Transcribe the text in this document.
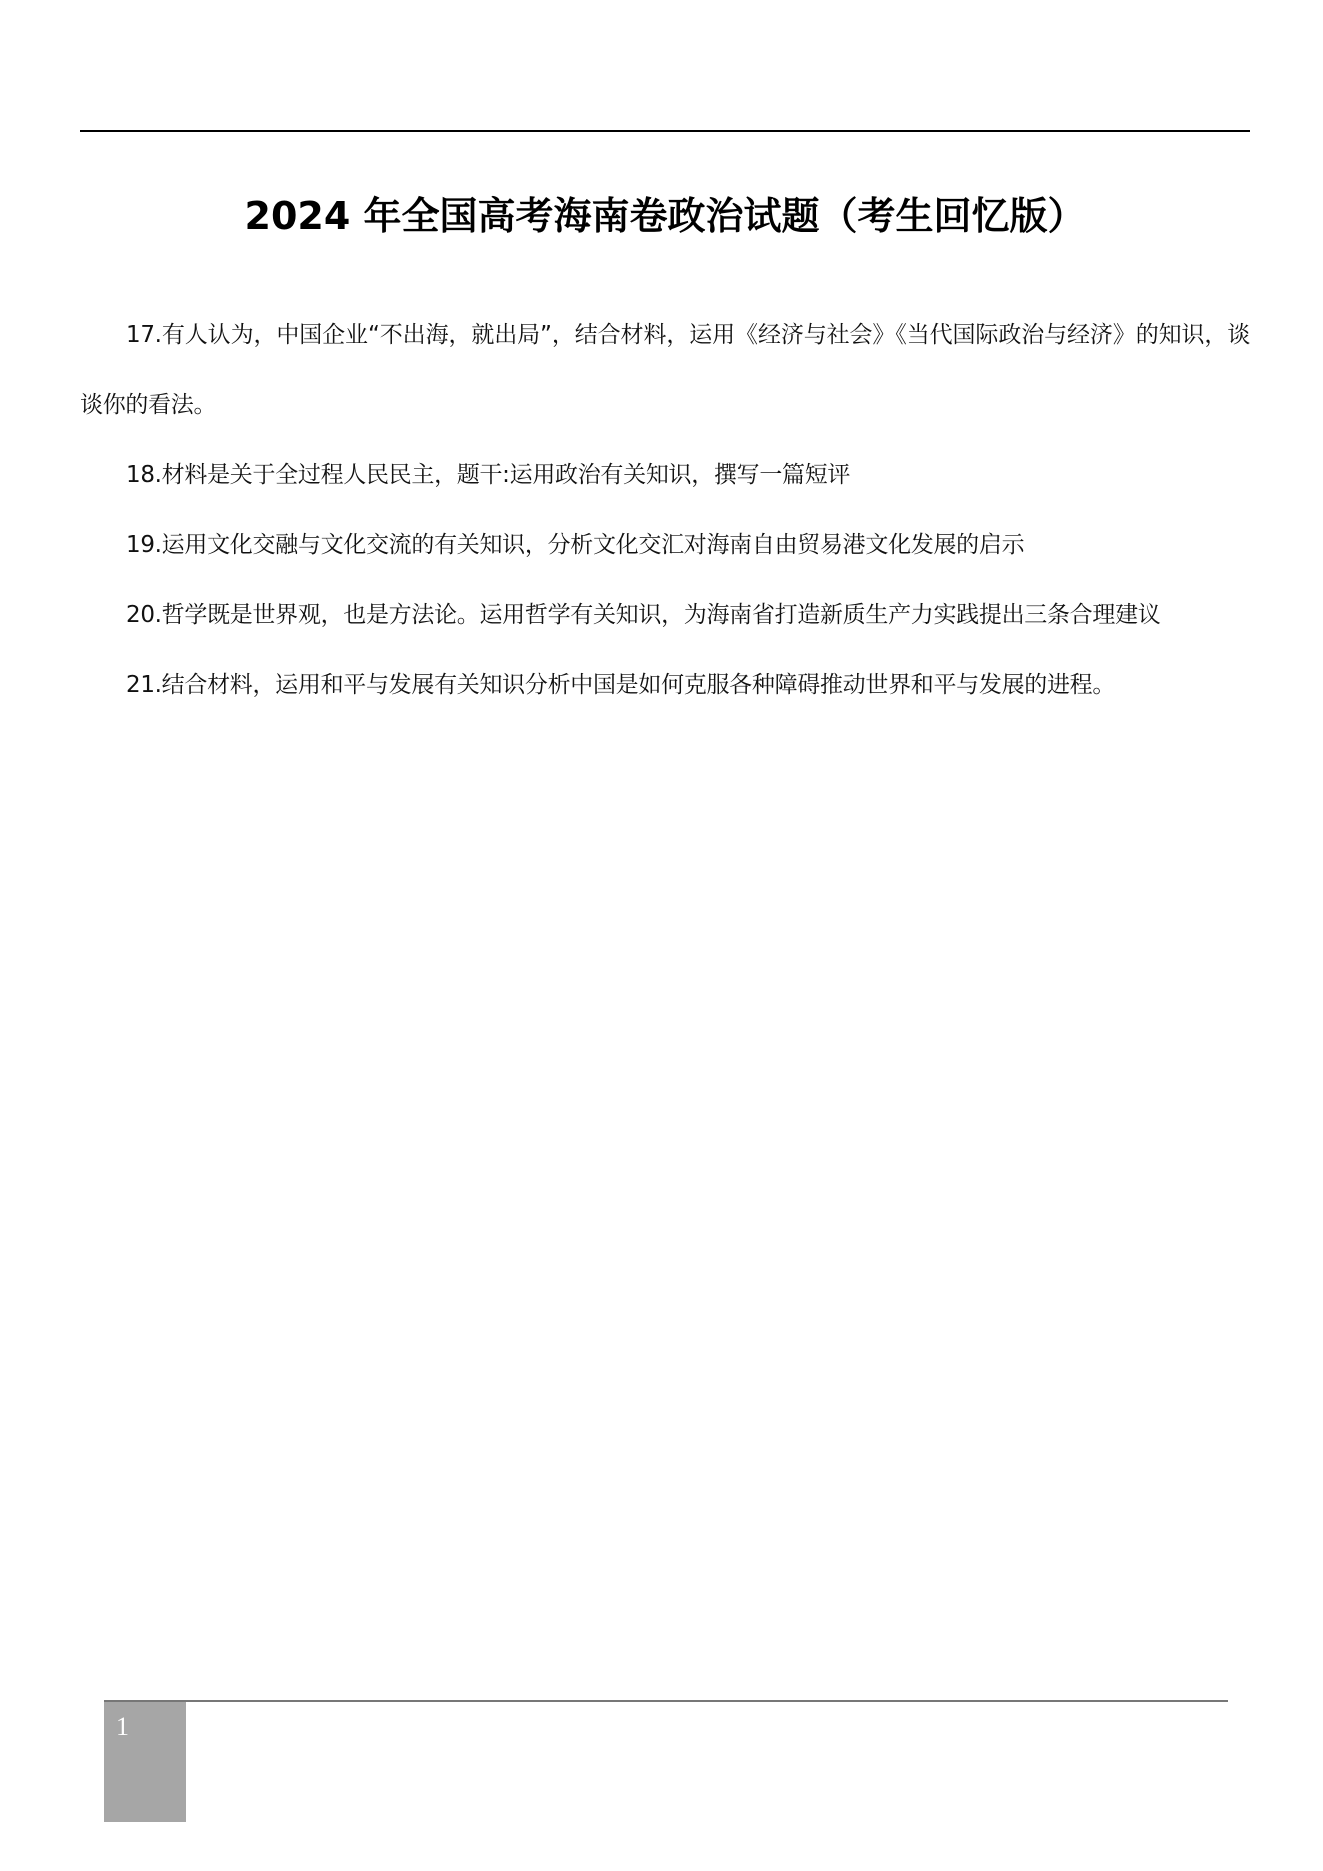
2024 年全国高考海南卷政治试题（考生回忆版）

17.有人认为，中国企业“不出海，就出局”，结合材料，运用《经济与社会》《当代国际政治与经济》的知识，谈谈你的看法。

18.材料是关于全过程人民民主，题干:运用政治有关知识，撰写一篇短评

19.运用文化交融与文化交流的有关知识，分析文化交汇对海南自由贸易港文化发展的启示

20.哲学既是世界观，也是方法论。运用哲学有关知识，为海南省打造新质生产力实践提出三条合理建议

21.结合材料，运用和平与发展有关知识分析中国是如何克服各种障碍推动世界和平与发展的进程。

1
